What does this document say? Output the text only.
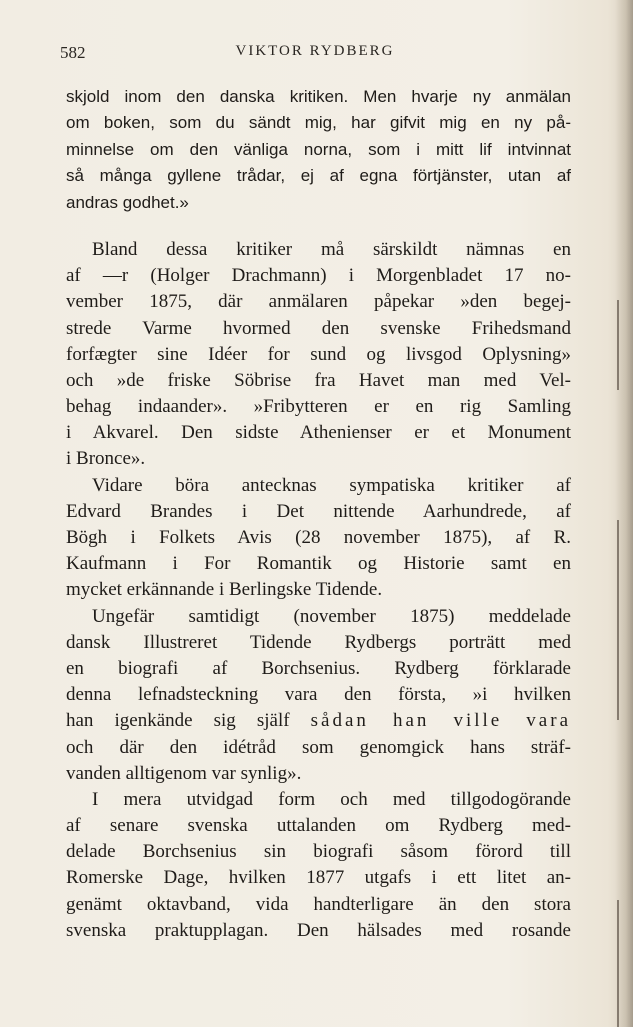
582	VIKTOR RYDBERG
skjold inom den danska kritiken. Men hvarje ny anmälan
om boken, som du sändt mig, har gifvit mig en ny på-
minnelse om den vänliga norna, som i mitt lif intvinnat
så många gyllene trådar, ej af egna förtjänster, utan af
andras godhet.»
Bland dessa kritiker må särskildt nämnas en
af —r (Holger Drachmann) i Morgenbladet 17 no-
vember 1875, där anmälaren påpekar »den begej-
strede Varme hvormed den svenske Frihedsmand
forfægter sine Idéer for sund og livsgod Oplysning»
och »de friske Söbrise fra Havet man med Vel-
behag indaander». »Fribytteren er en rig Samling
i Akvarel. Den sidste Athenienser er et Monument
i Bronce».
Vidare böra antecknas sympatiska kritiker af
Edvard Brandes i Det nittende Aarhundrede, af
Bögh i Folkets Avis (28 november 1875), af R.
Kaufmann i For Romantik og Historie samt en
mycket erkännande i Berlingske Tidende.
Ungefär samtidigt (november 1875) meddelade
dansk Illustreret Tidende Rydbergs porträtt med
en biografi af Borchsenius. Rydberg förklarade
denna lefnadsteckning vara den första, »i hvilken
han igenkände sig själf sådan han ville vara
och där den idétråd som genomgick hans sträf-
vanden alltigenom var synlig».
I mera utvidgad form och med tillgodogörande
af senare svenska uttalanden om Rydberg med-
delade Borchsenius sin biografi såsom förord till
Romerske Dage, hvilken 1877 utgafs i ett litet an-
genämt oktavband, vida handterligare än den stora
svenska praktupplagan. Den hälsades med rosande
